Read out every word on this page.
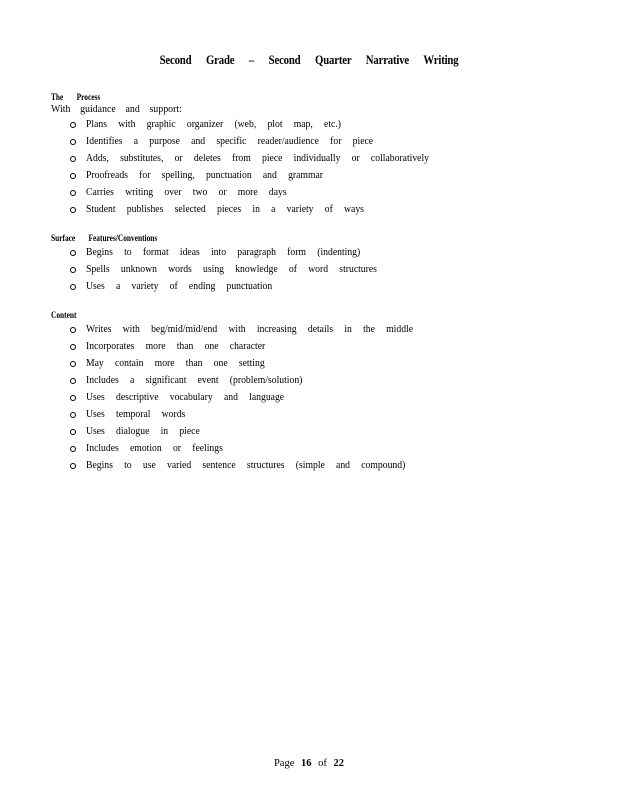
Second Grade – Second Quarter Narrative Writing
The Process
With guidance and support:
Plans with graphic organizer (web, plot map, etc.)
Identifies a purpose and specific reader/audience for piece
Adds, substitutes, or deletes from piece individually or collaboratively
Proofreads for spelling, punctuation and grammar
Carries writing over two or more days
Student publishes selected pieces in a variety of ways
Surface Features/Conventions
Begins to format ideas into paragraph form (indenting)
Spells unknown words using knowledge of word structures
Uses a variety of ending punctuation
Content
Writes with beg/mid/mid/end with increasing details in the middle
Incorporates more than one character
May contain more than one setting
Includes a significant event (problem/solution)
Uses descriptive vocabulary and language
Uses temporal words
Uses dialogue in piece
Includes emotion or feelings
Begins to use varied sentence structures (simple and compound)
Page 16 of 22
